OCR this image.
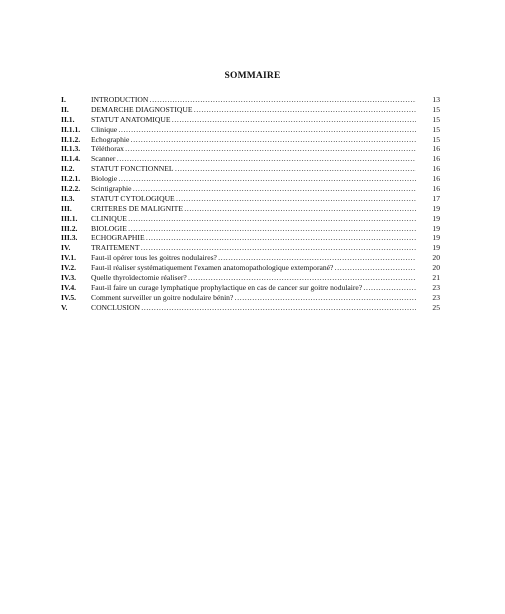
SOMMAIRE
I.	INTRODUCTION ………………………………………………………………………………………………………………………………………………………………………………………………………………………………………	13
II.	DEMARCHE DIAGNOSTIQUE ………………………………………………………………………………………………………………………………………………………………………………………………………………………………………	15
II.1. STATUT ANATOMIQUE ………………………………………………………………………………………………………………………………………………………………………………………………………………………………………	15
II.1.1. Clinique ………………………………………………………………………………………………………………………………………………………………………………………………………………………………………	15
II.1.2. Echographie ………………………………………………………………………………………………………………………………………………………………………………………………………………………………………	15
II.1.3. Téléthorax ………………………………………………………………………………………………………………………………………………………………………………………………………………………………………	16
II.1.4. Scanner ………………………………………………………………………………………………………………………………………………………………………………………………………………………………………	16
II.2. STATUT FONCTIONNEL ………………………………………………………………………………………………………………………………………………………………………………………………………………………………………	16
II.2.1. Biologie ………………………………………………………………………………………………………………………………………………………………………………………………………………………………………	16
II.2.2. Scintigraphie ………………………………………………………………………………………………………………………………………………………………………………………………………………………………………	16
II.3. STATUT CYTOLOGIQUE ………………………………………………………………………………………………………………………………………………………………………………………………………………………………………	17
III.	CRITERES DE MALIGNITE ………………………………………………………………………………………………………………………………………………………………………………………………………………………………………	19
III.1. CLINIQUE ………………………………………………………………………………………………………………………………………………………………………………………………………………………………………	19
III.2. BIOLOGIE ………………………………………………………………………………………………………………………………………………………………………………………………………………………………………	19
III.3. ECHOGRAPHIE ………………………………………………………………………………………………………………………………………………………………………………………………………………………………………	19
IV.	TRAITEMENT ………………………………………………………………………………………………………………………………………………………………………………………………………………………………………	19
IV.1. Faut-il opérer tous les goitres nodulaires? ………………………………………………………………………………………………………………………………………………………………………………………………………………………………………	20
IV.2. Faut-il réaliser systématiquement l'examen anatomopathologique extemporané? ………………………………………………………………………………………………………………………………………………………………………………………………………………………………………	20
IV.3. Quelle thyroïdectomie réaliser? ………………………………………………………………………………………………………………………………………………………………………………………………………………………………………	21
IV.4. Faut-il faire un curage lymphatique prophylactique en cas de cancer sur goitre nodulaire? ………………………………………………………………………………………………………………………………………………………………………………………………………………………………………	23
IV.5. Comment surveiller un goitre nodulaire bénin? ………………………………………………………………………………………………………………………………………………………………………………………………………………………………………	23
V.	CONCLUSION ………………………………………………………………………………………………………………………………………………………………………………………………………………………………………	25
